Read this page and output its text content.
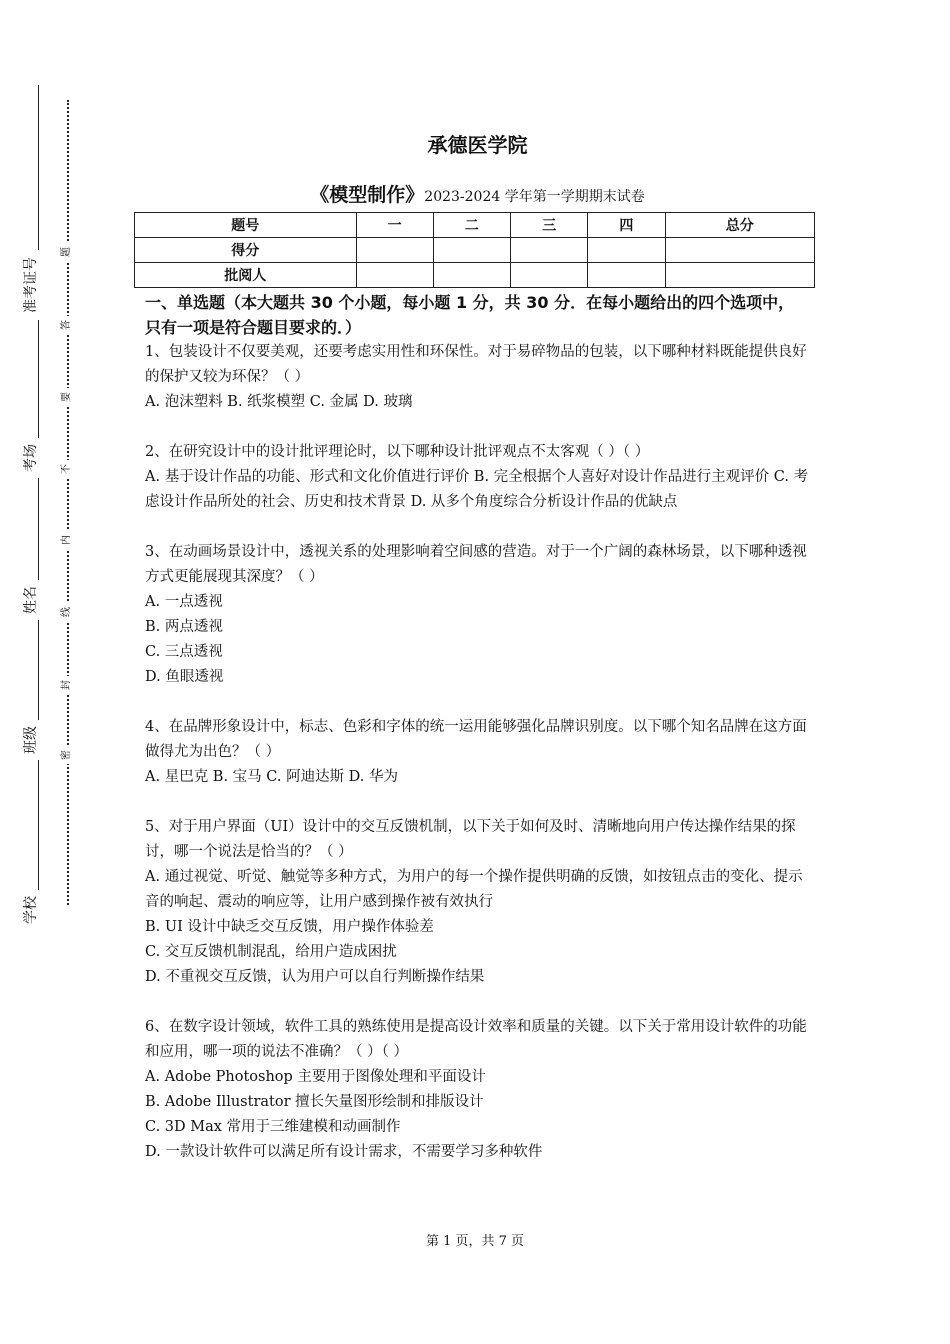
准考证号
考场
姓名
班级
学校
题
答
要
不
内
线
封
密
承德医学院
《模型制作》2023-2024 学年第一学期期末试卷
题号	一	二	三	四	总分
得分					
批阅人					
一、单选题（本大题共 30 个小题，每小题 1 分，共 30 分．在每小题给出的四个选项中，只有一项是符合题目要求的．）

1、包装设计不仅要美观，还要考虑实用性和环保性。对于易碎物品的包装，以下哪种材料既能提供良好的保护又较为环保？（ ）

A. 泡沫塑料 B. 纸浆模塑 C. 金属 D. 玻璃

2、在研究设计中的设计批评理论时，以下哪种设计批评观点不太客观（ ）（ ）

A. 基于设计作品的功能、形式和文化价值进行评价 B. 完全根据个人喜好对设计作品进行主观评价 C. 考虑设计作品所处的社会、历史和技术背景 D. 从多个角度综合分析设计作品的优缺点

3、在动画场景设计中，透视关系的处理影响着空间感的营造。对于一个广阔的森林场景，以下哪种透视方式更能展现其深度？（ ）

A. 一点透视

B. 两点透视

C. 三点透视

D. 鱼眼透视

4、在品牌形象设计中，标志、色彩和字体的统一运用能够强化品牌识别度。以下哪个知名品牌在这方面做得尤为出色？（ ）

A. 星巴克 B. 宝马 C. 阿迪达斯 D. 华为

5、对于用户界面（UI）设计中的交互反馈机制，以下关于如何及时、清晰地向用户传达操作结果的探讨，哪一个说法是恰当的？（ ）

A. 通过视觉、听觉、触觉等多种方式，为用户的每一个操作提供明确的反馈，如按钮点击的变化、提示音的响起、震动的响应等，让用户感到操作被有效执行

B. UI 设计中缺乏交互反馈，用户操作体验差

C. 交互反馈机制混乱，给用户造成困扰

D. 不重视交互反馈，认为用户可以自行判断操作结果

6、在数字设计领域，软件工具的熟练使用是提高设计效率和质量的关键。以下关于常用设计软件的功能和应用，哪一项的说法不准确？（ ）（ ）

A. Adobe Photoshop 主要用于图像处理和平面设计

B. Adobe Illustrator 擅长矢量图形绘制和排版设计

C. 3D Max 常用于三维建模和动画制作

D. 一款设计软件可以满足所有设计需求，不需要学习多种软件

第 1 页，共 7 页
